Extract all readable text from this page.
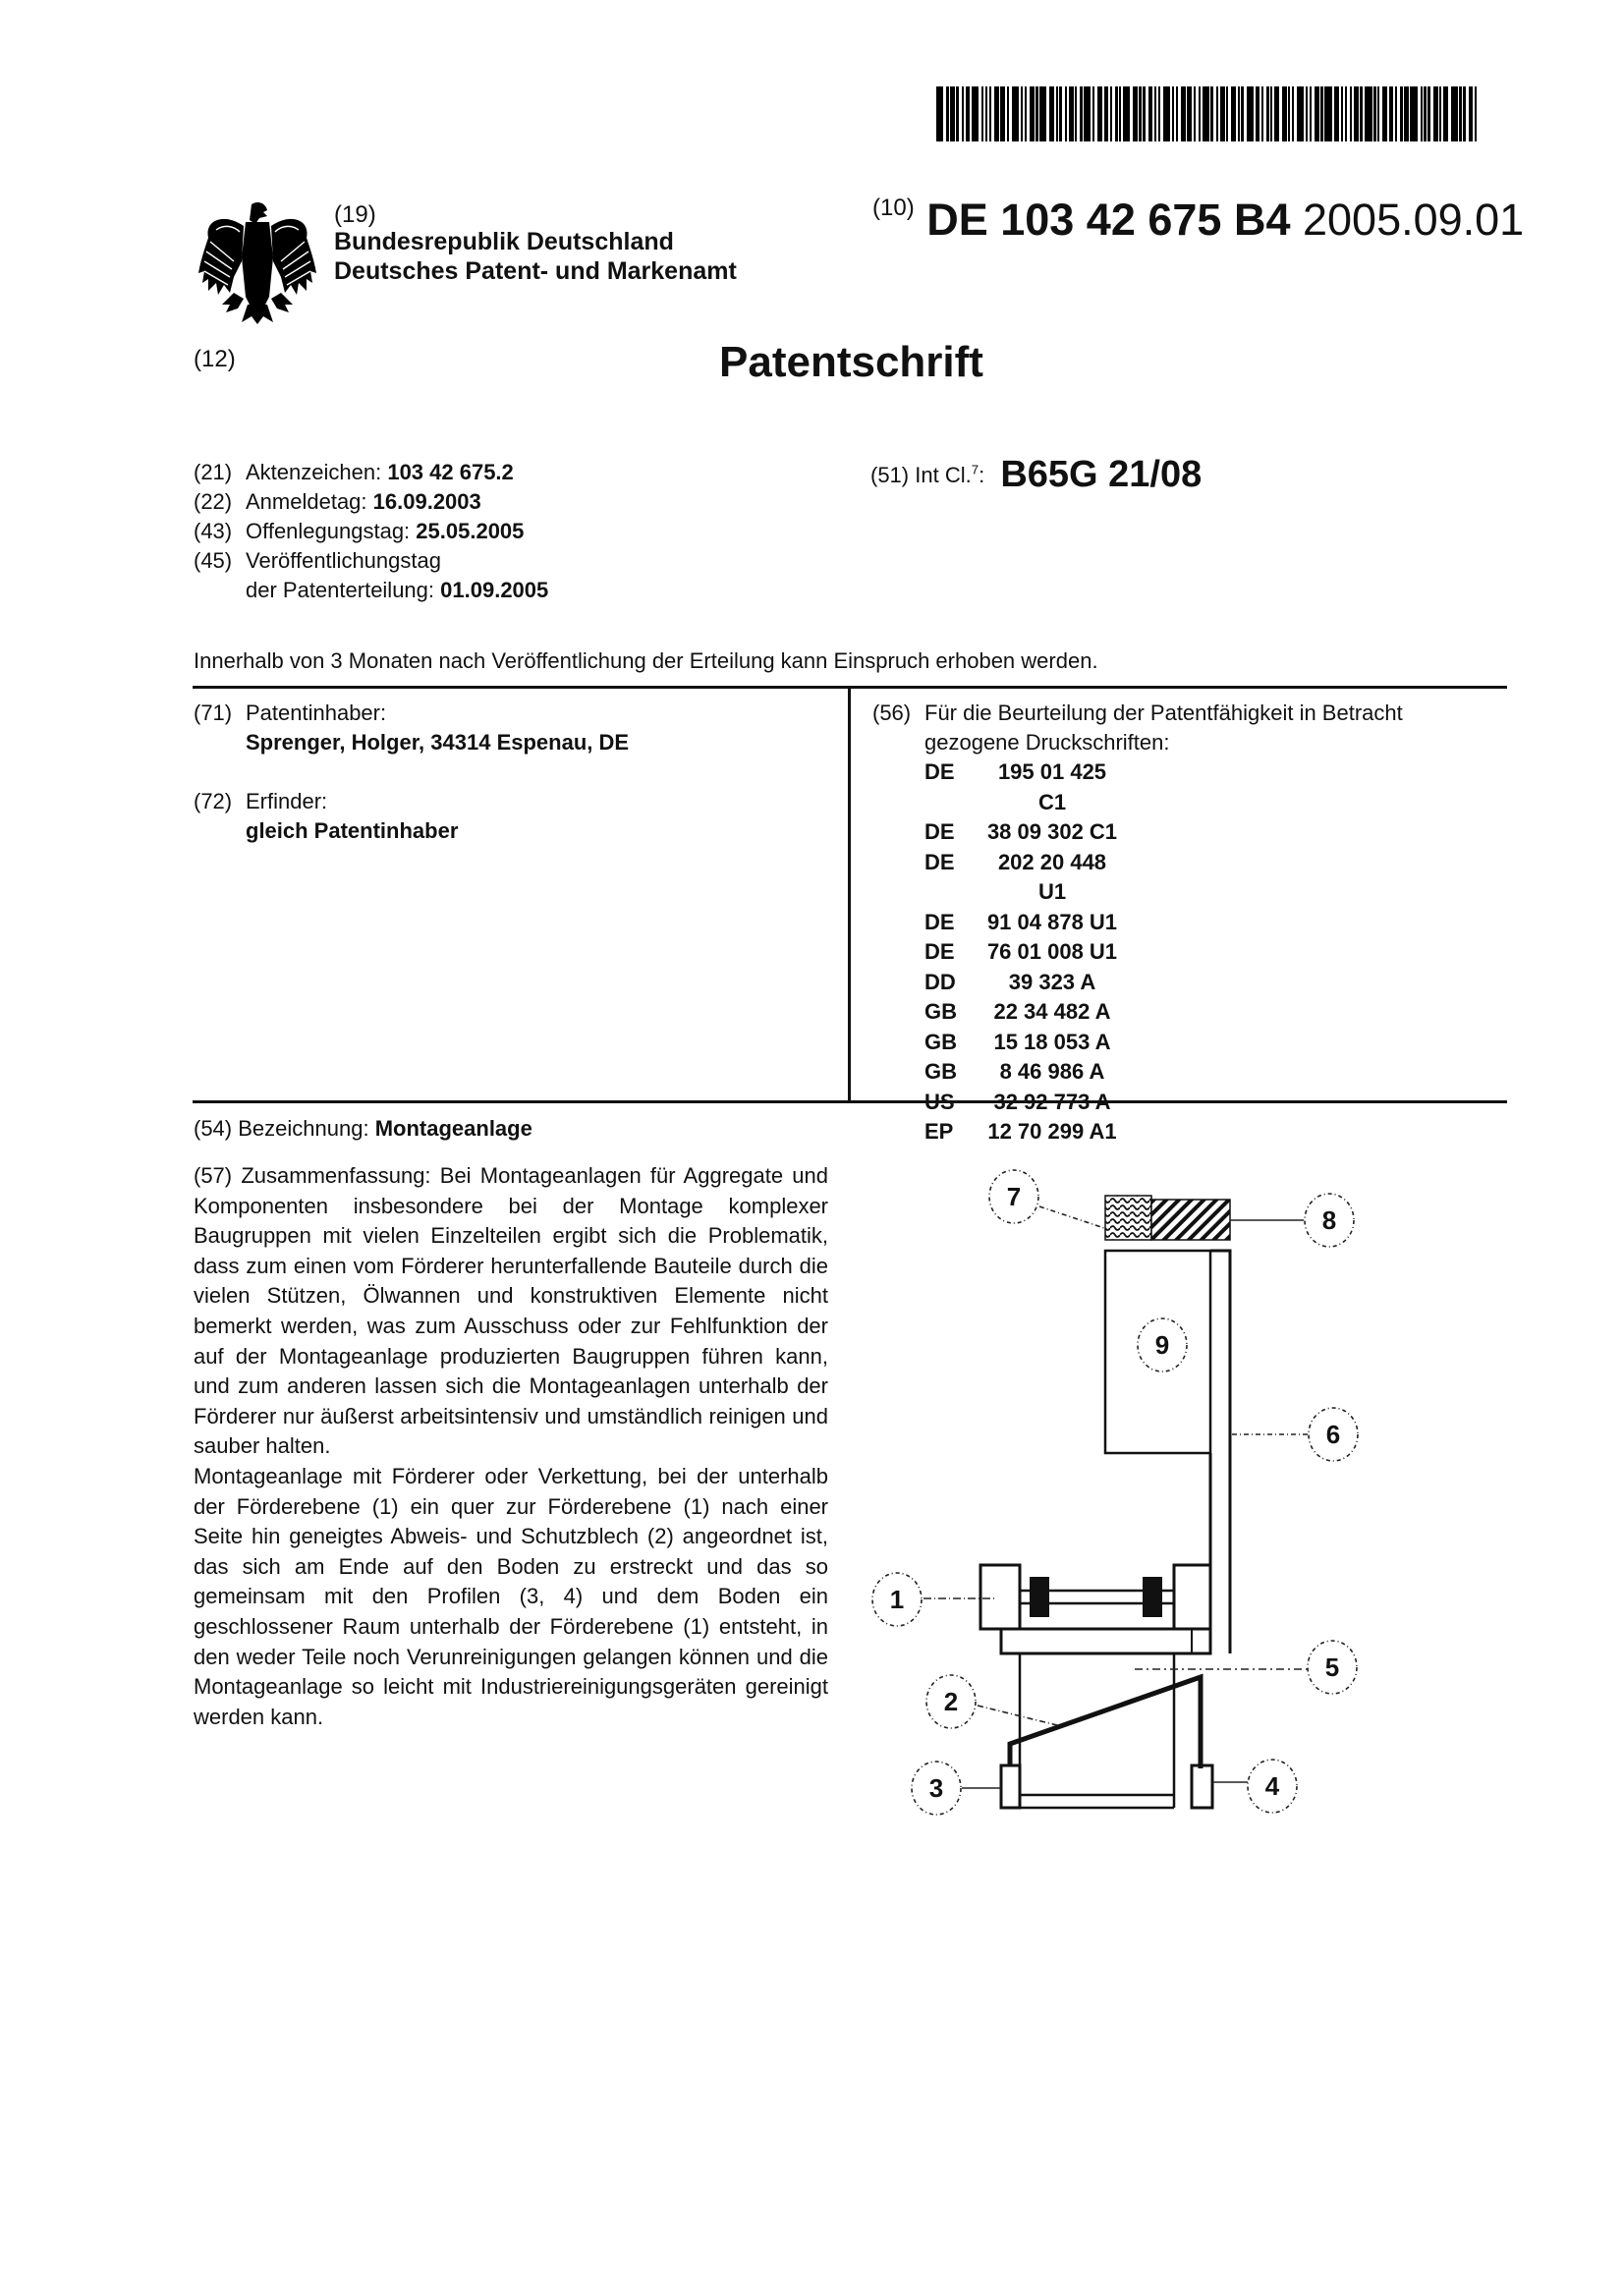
(19)
Bundesrepublik Deutschland
Deutsches Patent- und Markenamt
$^{(10)}$ DE 103 42 675 B4 2005.09.01
(12)	Patentschrift
(21) Aktenzeichen: 103 42 675.2
(22) Anmeldetag: 16.09.2003
(43) Offenlegungstag: 25.05.2005
(45) Veröffentlichungstag
der Patenterteilung: 01.09.2005
(51) Int Cl.$^7$: B65G 21/08
Innerhalb von 3 Monaten nach Veröffentlichung der Erteilung kann Einspruch erhoben werden.
(71) Patentinhaber:
Sprenger, Holger, 34314 Espenau, DE
(72) Erfinder:
gleich Patentinhaber
(56) Für die Beurteilung der Patentfähigkeit in Betracht
gezogene Druckschriften:
DE	195 01 425 C1
DE	38 09 302 C1
DE	202 20 448 U1
DE	91 04 878 U1
DE	76 01 008 U1
DD	39 323 A
GB	22 34 482 A
GB	15 18 053 A
GB	8 46 986 A
US	32 92 773 A
EP	12 70 299 A1
(54) Bezeichnung: Montageanlage

(57) Zusammenfassung: Bei Montageanlagen für Aggregate und Komponenten insbesondere bei der Montage komplexer Baugruppen mit vielen Einzelteilen ergibt sich die Problematik, dass zum einen vom Förderer herunterfallende Bauteile durch die vielen Stützen, Ölwannen und konstruktiven Elemente nicht bemerkt werden, was zum Ausschuss oder zur Fehlfunktion der auf der Montageanlage produzierten Baugruppen führen kann, und zum anderen lassen sich die Montageanlagen unterhalb der Förderer nur äußerst arbeitsintensiv und umständlich reinigen und sauber halten.

Montageanlage mit Förderer oder Verkettung, bei der unterhalb der Förderebene (1) ein quer zur Förderebene (1) nach einer Seite hin geneigtes Abweis- und Schutzblech (2) angeordnet ist, das sich am Ende auf den Boden zu erstreckt und das so gemeinsam mit den Profilen (3, 4) und dem Boden ein geschlossener Raum unterhalb der Förderebene (1) entsteht, in den weder Teile noch Verunreinigungen gelangen können und die Montageanlage so leicht mit Industriereinigungsgeräten gereinigt werden kann.

1
2
3	4
5
6
7
8
9
